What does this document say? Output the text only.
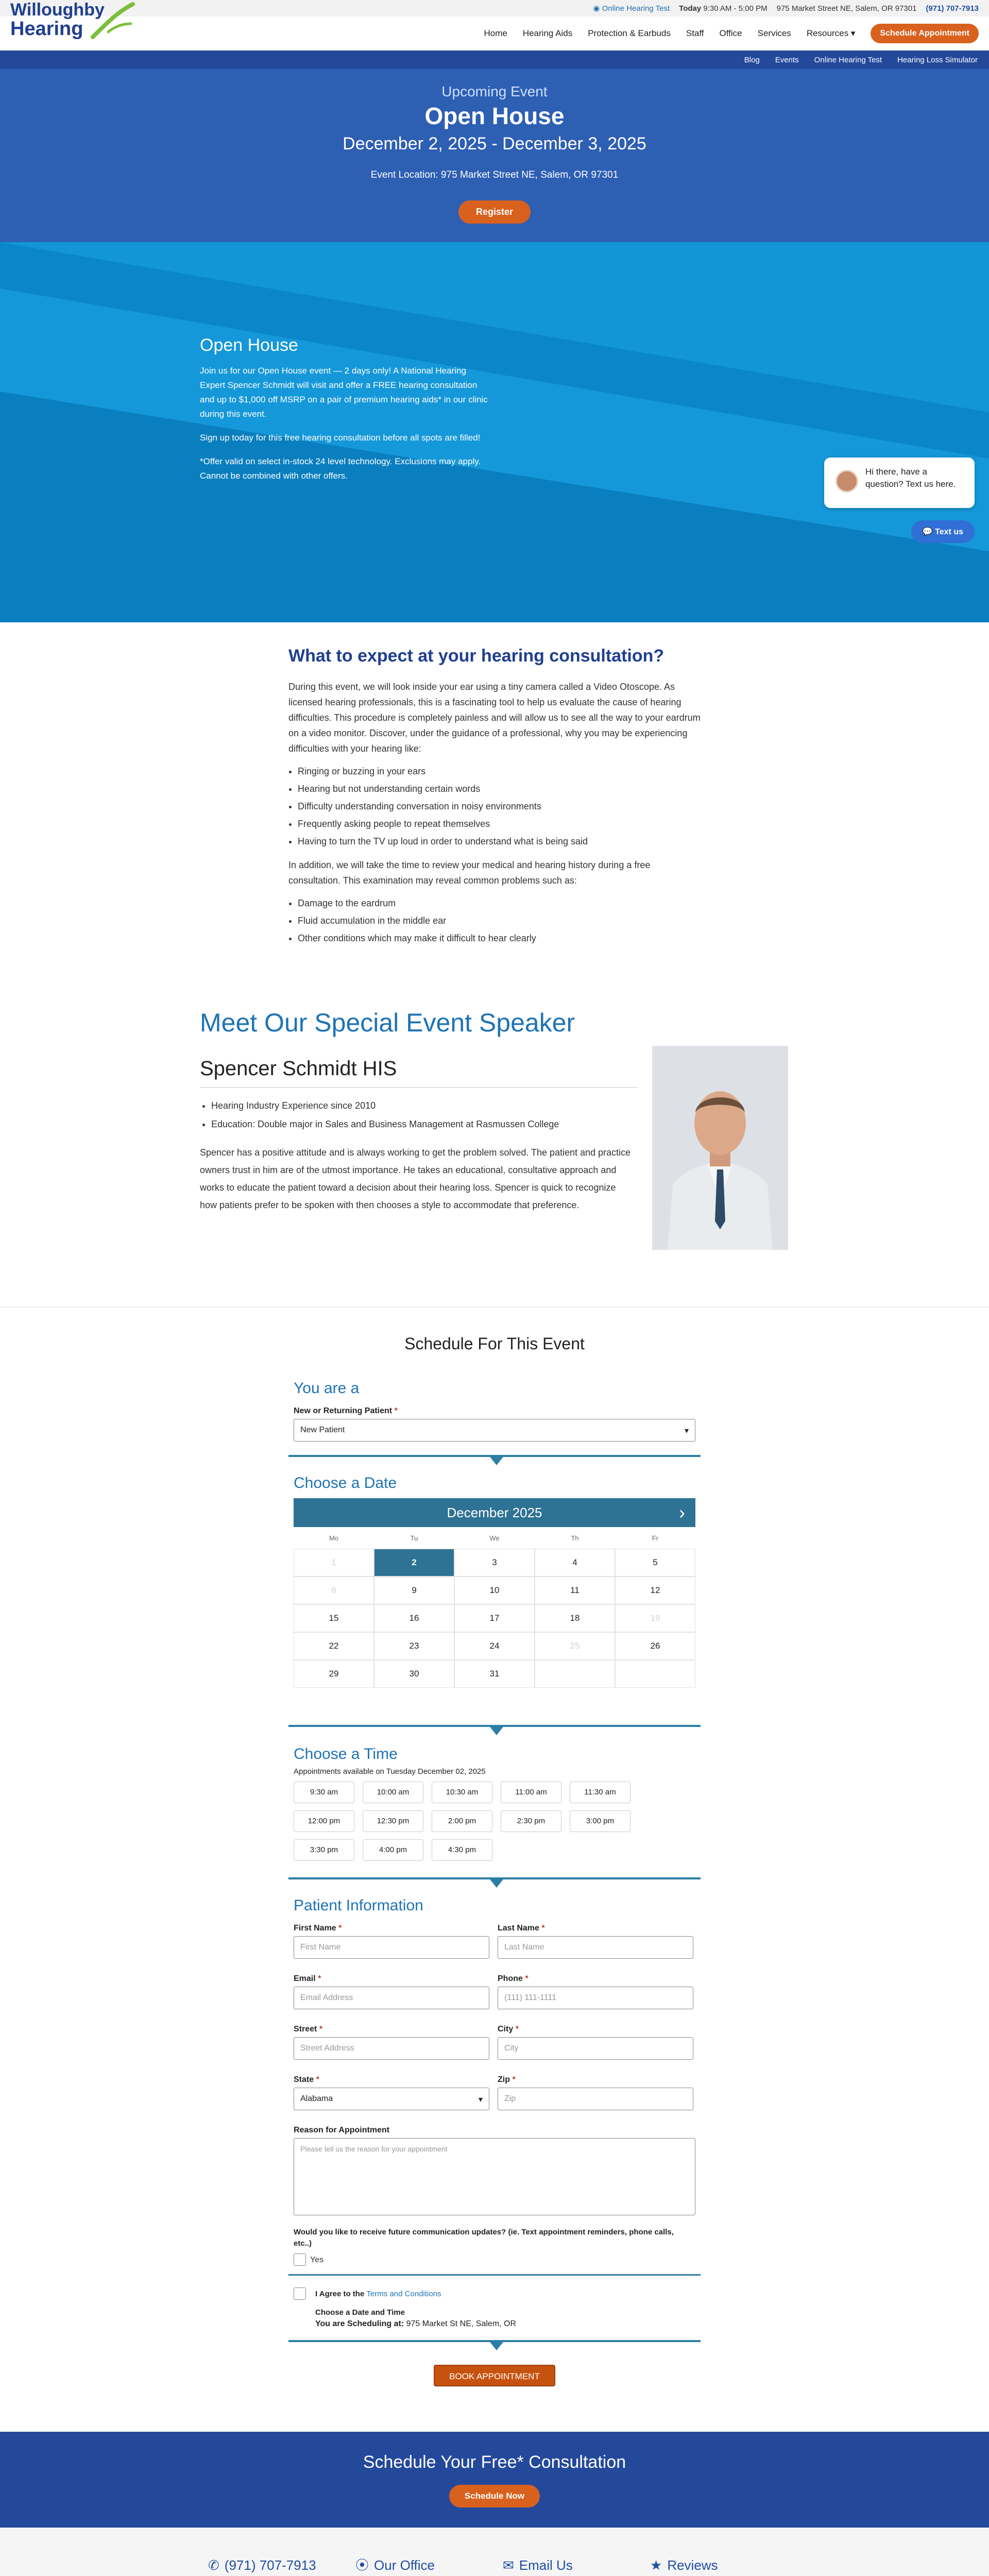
◉ Online Hearing Test Today 9:30 AM - 5:00 PM 975 Market Street NE, Salem, OR 97301 (971) 707-7913
Willoughby
Hearing	Home Hearing Aids Protection & Earbuds Staff Office Services Resources ▾	Schedule Appointment
Blog Events Online Hearing Test Hearing Loss Simulator
Upcoming Event
Open House
December 2, 2025 - December 3, 2025
Event Location: 975 Market Street NE, Salem, OR 97301
Register
Open House

Join us for our Open House event — 2 days only! A National Hearing Expert Spencer Schmidt will visit and offer a FREE hearing consultation and up to $1,000 off MSRP on a pair of premium hearing aids* in our clinic during this event.

Sign up today for this free hearing consultation before all spots are filled!

*Offer valid on select in-stock 24 level technology. Exclusions may apply. Cannot be combined with other offers.	Hi there, have a question? Text us here.
💬 Text us
What to expect at your hearing consultation?

During this event, we will look inside your ear using a tiny camera called a Video Otoscope. As licensed hearing professionals, this is a fascinating tool to help us evaluate the cause of hearing difficulties. This procedure is completely painless and will allow us to see all the way to your eardrum on a video monitor. Discover, under the guidance of a professional, why you may be experiencing difficulties with your hearing like:

• Ringing or buzzing in your ears
• Hearing but not understanding certain words
• Difficulty understanding conversation in noisy environments
• Frequently asking people to repeat themselves
• Having to turn the TV up loud in order to understand what is being said

In addition, we will take the time to review your medical and hearing history during a free consultation. This examination may reveal common problems such as:

• Damage to the eardrum
• Fluid accumulation in the middle ear
• Other conditions which may make it difficult to hear clearly
Meet Our Special Event Speaker
Spencer Schmidt HIS
• Hearing Industry Experience since 2010
• Education: Double major in Sales and Business Management at Rasmussen College

Spencer has a positive attitude and is always working to get the problem solved. The patient and practice owners trust in him are of the utmost importance. He takes an educational, consultative approach and works to educate the patient toward a decision about their hearing loss. Spencer is quick to recognize how patients prefer to be spoken with then chooses a style to accommodate that preference.

Schedule For This Event
You are a
New or Returning Patient *
New Patient	▾
Choose a Date
December 2025	›
Mo	Tu	We	Th	Fr
1	2	3	4	5
8	9	10	11	12
15	16	17	18	19
22	23	24	25	26
29	30	31
Choose a Time
Appointments available on Tuesday December 02, 2025
9:30 am	10:00 am	10:30 am	11:00 am	11:30 am
12:00 pm	12:30 pm	2:00 pm	2:30 pm	3:00 pm
3:30 pm	4:00 pm	4:30 pm
Patient Information
First Name *
First Name
Last Name *
Last Name
Email *
Email Address
Phone *
(111) 111-1111
Street *
Street Address
City *
City
State *
Alabama	▾
Zip *
Zip
Reason for Appointment
Please tell us the reason for your appointment
Would you like to receive future communication updates? (ie. Text appointment reminders, phone calls, etc..)
Yes
I Agree to the Terms and Conditions
Choose a Date and Time
You are Scheduling at: 975 Market St NE, Salem, OR
BOOK APPOINTMENT
Schedule Your Free* Consultation
Schedule Now
✆ (971) 707-7913	⦿ Our Office	✉ Email Us	★ Reviews
